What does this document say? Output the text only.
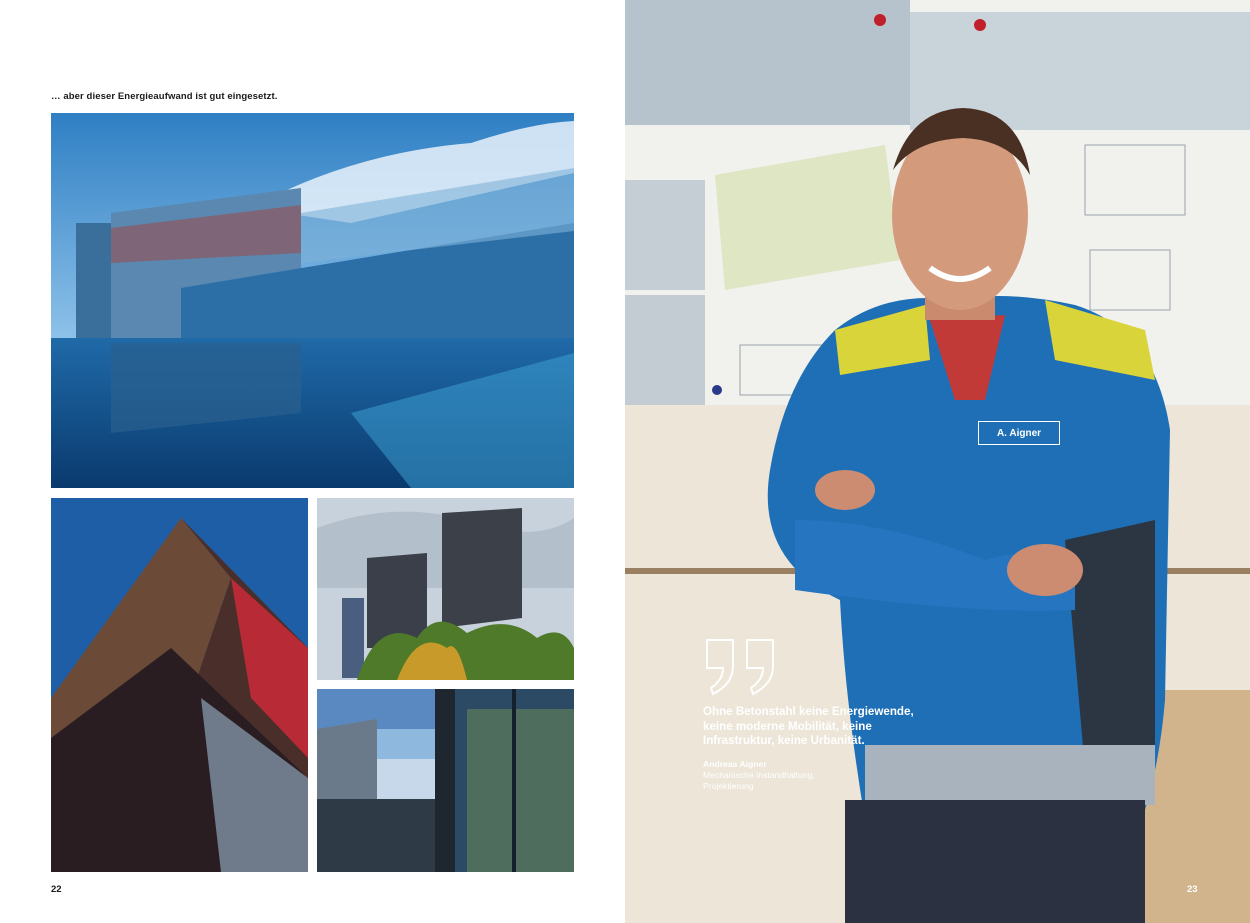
… aber dieser Energieaufwand ist gut eingesetzt.
22
A. Aigner
Ohne Betonstahl keine Energiewende,
keine moderne Mobilität, keine
Infrastruktur, keine Urbanität.
Andreas Aigner
Mechanische Instandhaltung,
Projektierung
23
